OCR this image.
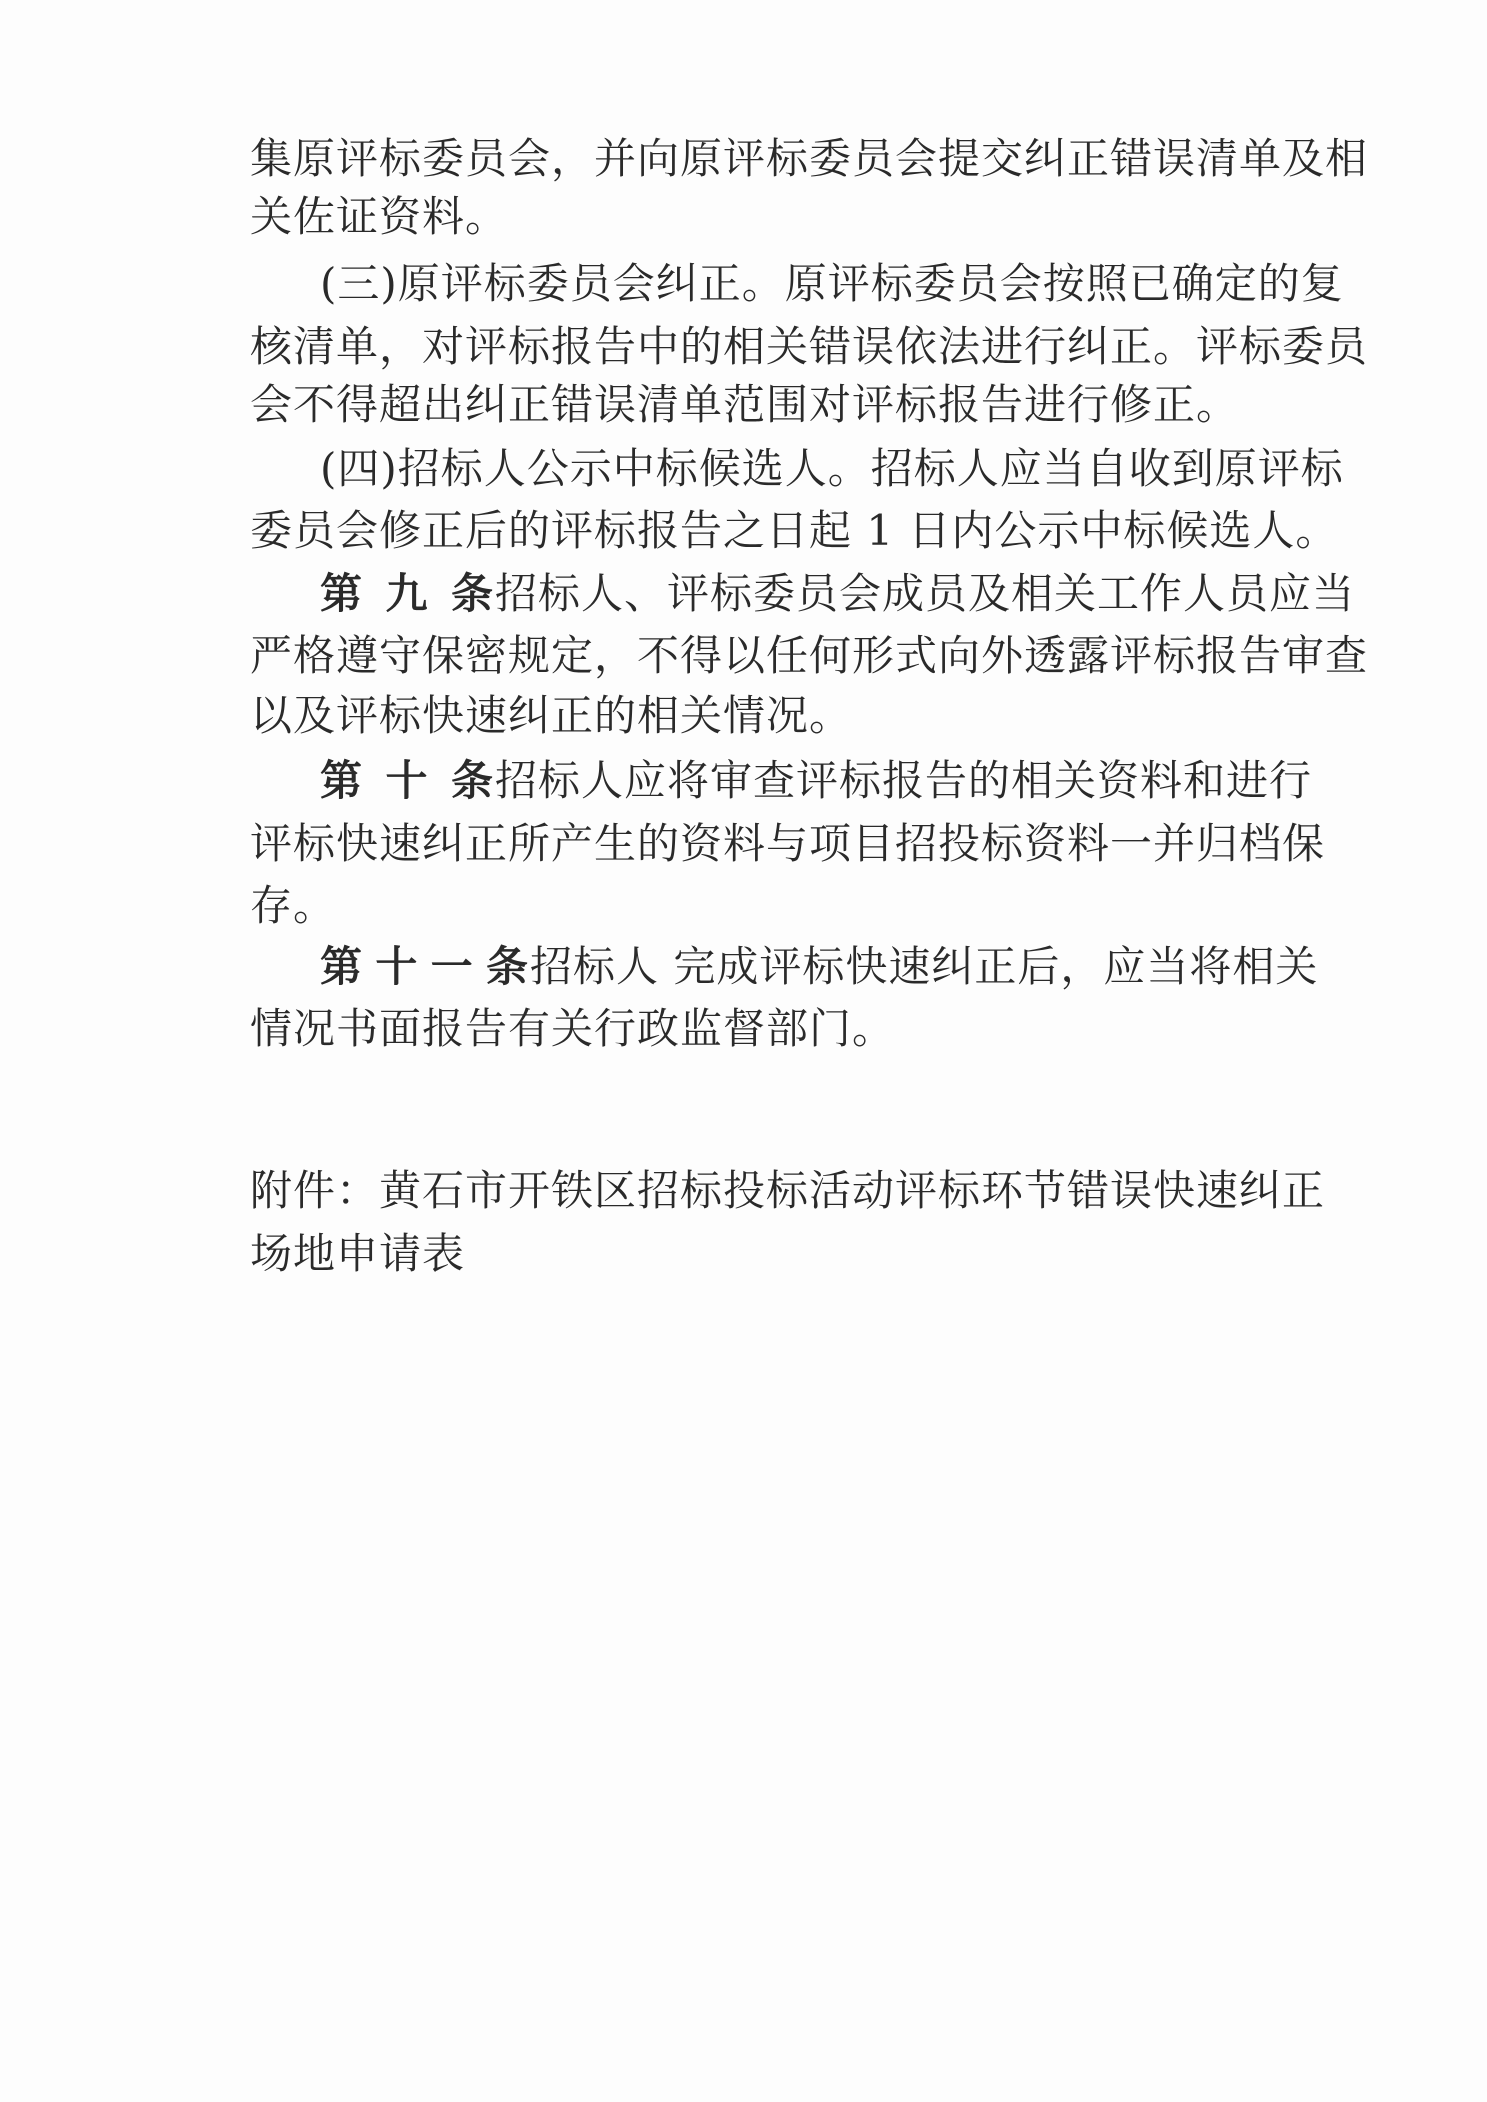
集原评标委员会，并向原评标委员会提交纠正错误清单及相
关佐证资料。
(三)原评标委员会纠正。原评标委员会按照已确定的复
核清单，对评标报告中的相关错误依法进行纠正。评标委员
会不得超出纠正错误清单范围对评标报告进行修正。
(四)招标人公示中标候选人。招标人应当自收到原评标
委员会修正后的评标报告之日起 1 日内公示中标候选人。
第九条招标人、评标委员会成员及相关工作人员应当
严格遵守保密规定，不得以任何形式向外透露评标报告审查
以及评标快速纠正的相关情况。
第十条招标人应将审查评标报告的相关资料和进行
评标快速纠正所产生的资料与项目招投标资料一并归档保
存。
第十一条招标人 完成评标快速纠正后，应当将相关
情况书面报告有关行政监督部门。
附件：黄石市开铁区招标投标活动评标环节错误快速纠正
场地申请表
